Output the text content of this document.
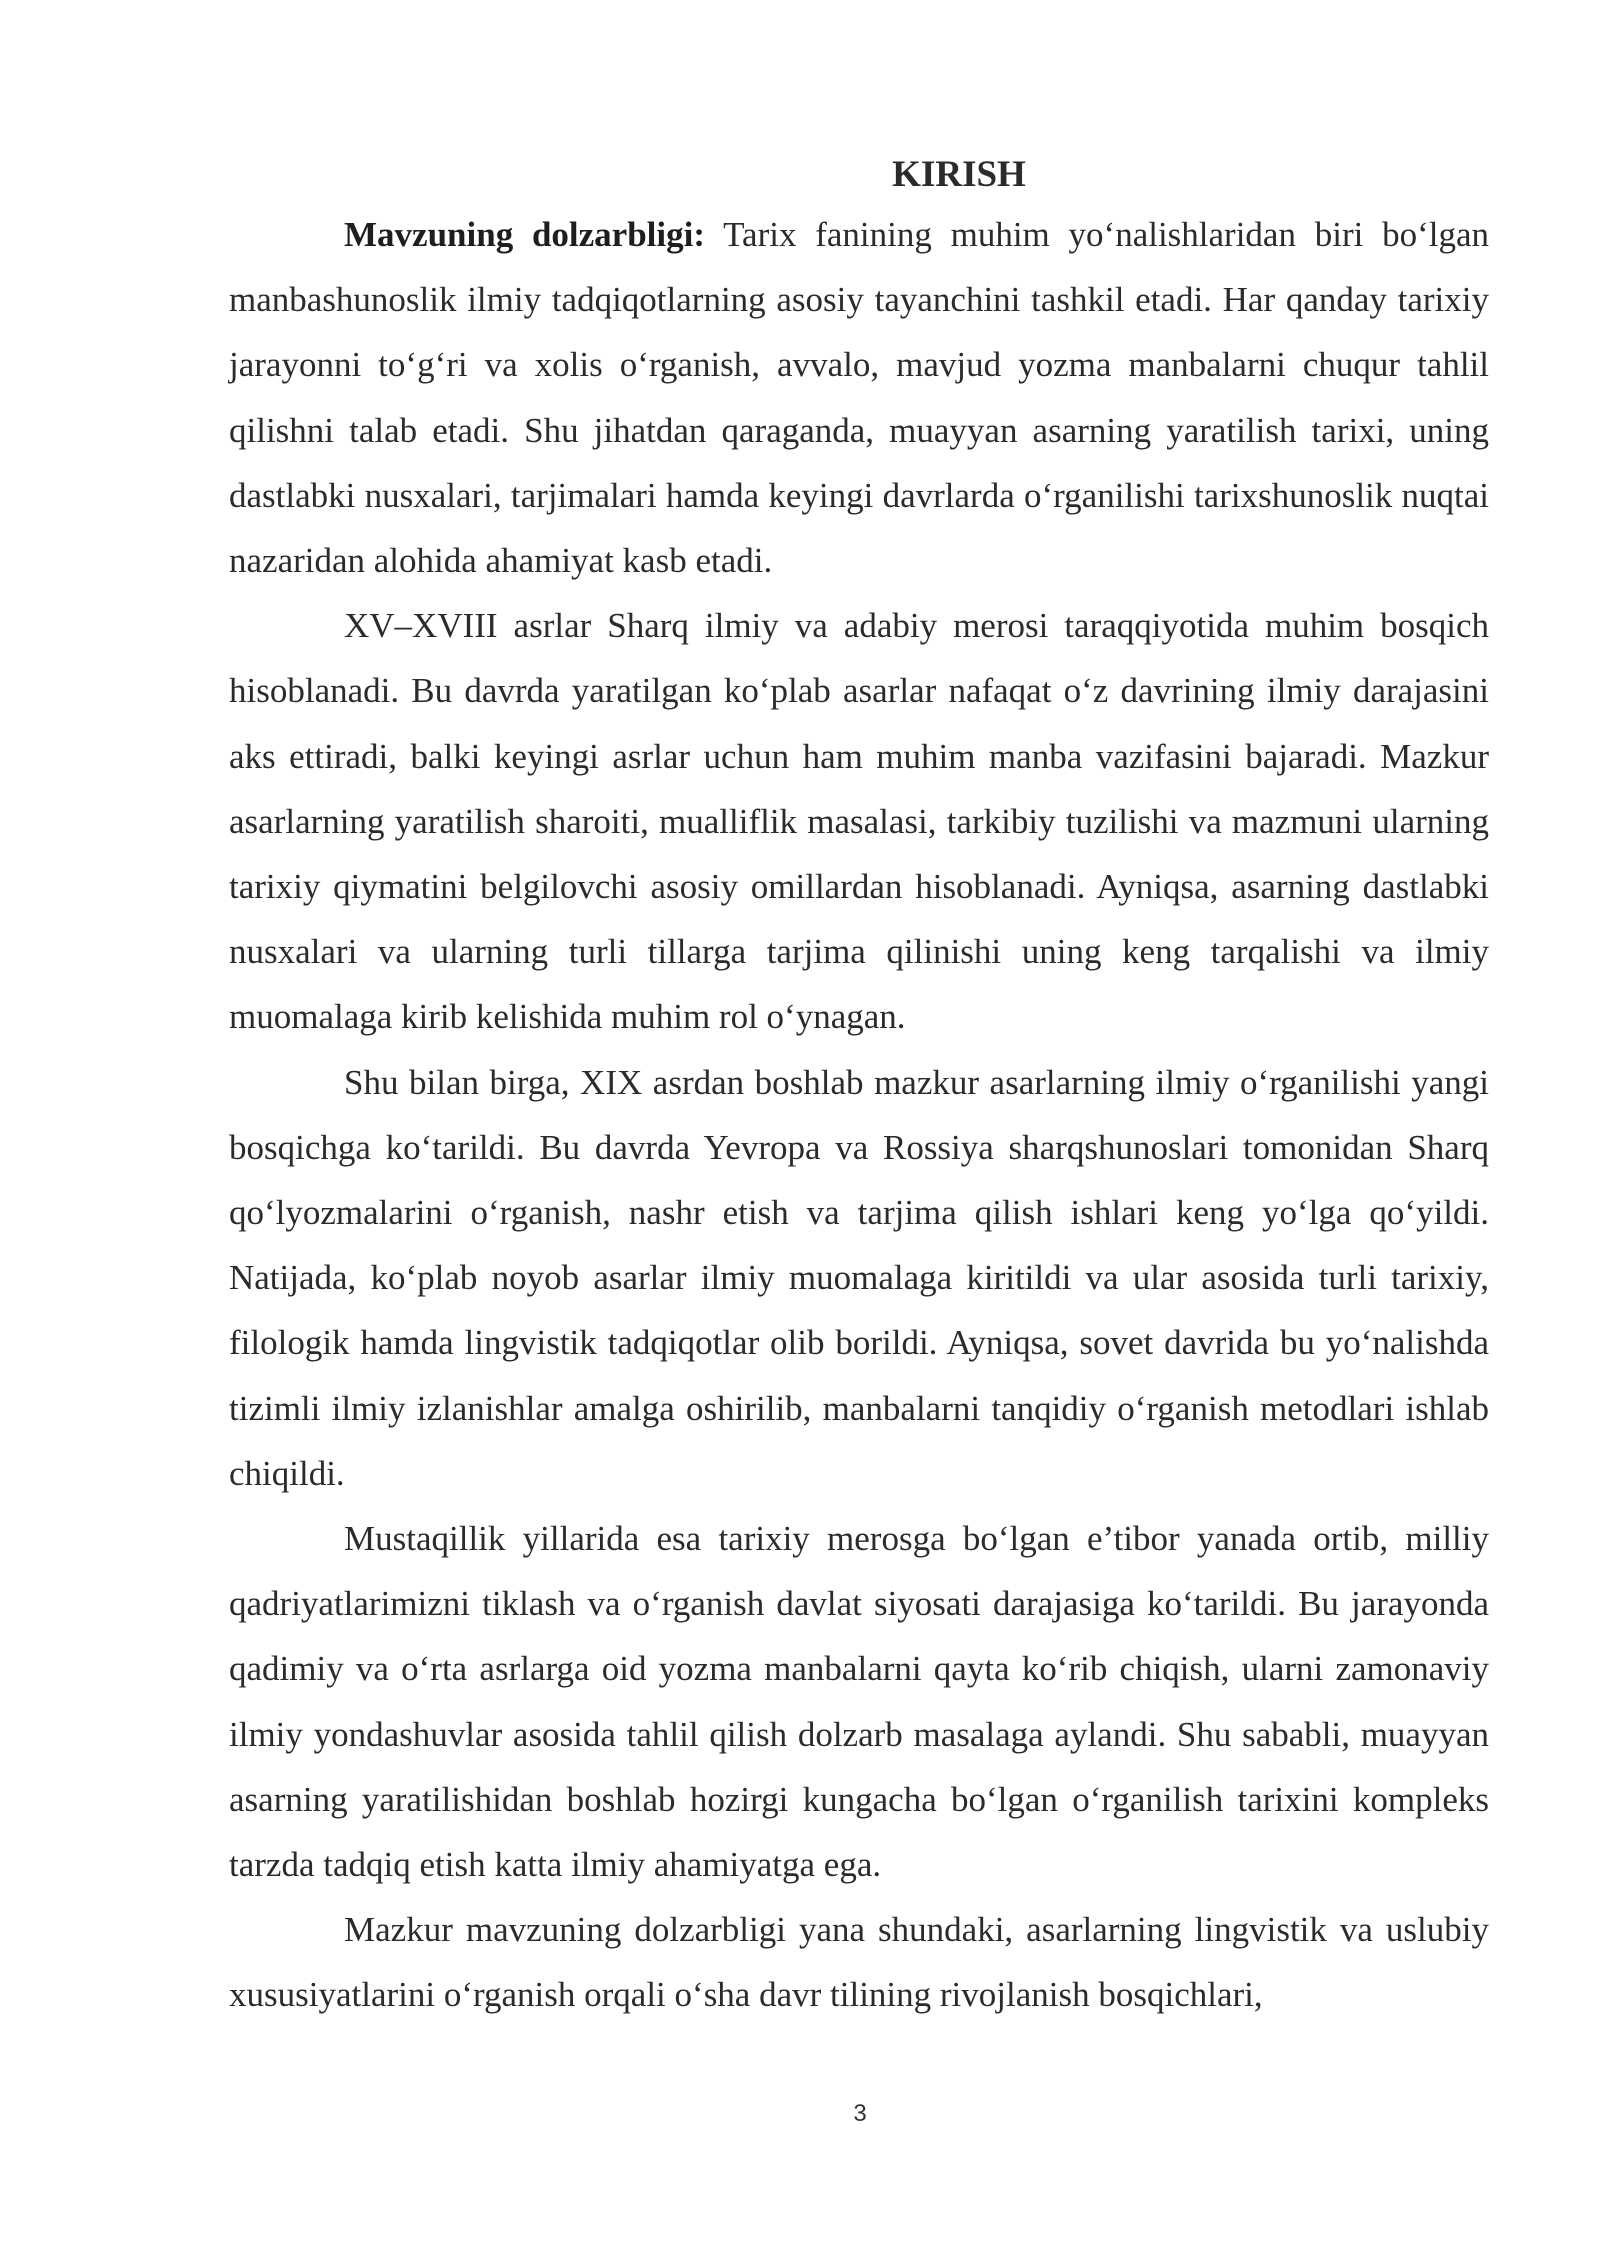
KIRISH

Mavzuning dolzarbligi: Tarix fanining muhim yo‘nalishlaridan biri bo‘lgan manbashunoslik ilmiy tadqiqotlarning asosiy tayanchini tashkil etadi. Har qanday tarixiy jarayonni to‘g‘ri va xolis o‘rganish, avvalo, mavjud yozma manbalarni chuqur tahlil qilishni talab etadi. Shu jihatdan qaraganda, muayyan asarning yaratilish tarixi, uning dastlabki nusxalari, tarjimalari hamda keyingi davrlarda o‘rganilishi tarixshunoslik nuqtai nazaridan alohida ahamiyat kasb etadi.

XV–XVIII asrlar Sharq ilmiy va adabiy merosi taraqqiyotida muhim bosqich hisoblanadi. Bu davrda yaratilgan ko‘plab asarlar nafaqat o‘z davrining ilmiy darajasini aks ettiradi, balki keyingi asrlar uchun ham muhim manba vazifasini bajaradi. Mazkur asarlarning yaratilish sharoiti, mualliflik masalasi, tarkibiy tuzilishi va mazmuni ularning tarixiy qiymatini belgilovchi asosiy omillardan hisoblanadi. Ayniqsa, asarning dastlabki nusxalari va ularning turli tillarga tarjima qilinishi uning keng tarqalishi va ilmiy muomalaga kirib kelishida muhim rol o‘ynagan.

Shu bilan birga, XIX asrdan boshlab mazkur asarlarning ilmiy o‘rganilishi yangi bosqichga ko‘tarildi. Bu davrda Yevropa va Rossiya sharqshunoslari tomonidan Sharq qo‘lyozmalarini o‘rganish, nashr etish va tarjima qilish ishlari keng yo‘lga qo‘yildi. Natijada, ko‘plab noyob asarlar ilmiy muomalaga kiritildi va ular asosida turli tarixiy, filologik hamda lingvistik tadqiqotlar olib borildi. Ayniqsa, sovet davrida bu yo‘nalishda tizimli ilmiy izlanishlar amalga oshirilib, manbalarni tanqidiy o‘rganish metodlari ishlab chiqildi.

Mustaqillik yillarida esa tarixiy merosga bo‘lgan e’tibor yanada ortib, milliy qadriyatlarimizni tiklash va o‘rganish davlat siyosati darajasiga ko‘tarildi. Bu jarayonda qadimiy va o‘rta asrlarga oid yozma manbalarni qayta ko‘rib chiqish, ularni zamonaviy ilmiy yondashuvlar asosida tahlil qilish dolzarb masalaga aylandi. Shu sababli, muayyan asarning yaratilishidan boshlab hozirgi kungacha bo‘lgan o‘rganilish tarixini kompleks tarzda tadqiq etish katta ilmiy ahamiyatga ega.

Mazkur mavzuning dolzarbligi yana shundaki, asarlarning lingvistik va uslubiy xususiyatlarini o‘rganish orqali o‘sha davr tilining rivojlanish bosqichlari,

3
